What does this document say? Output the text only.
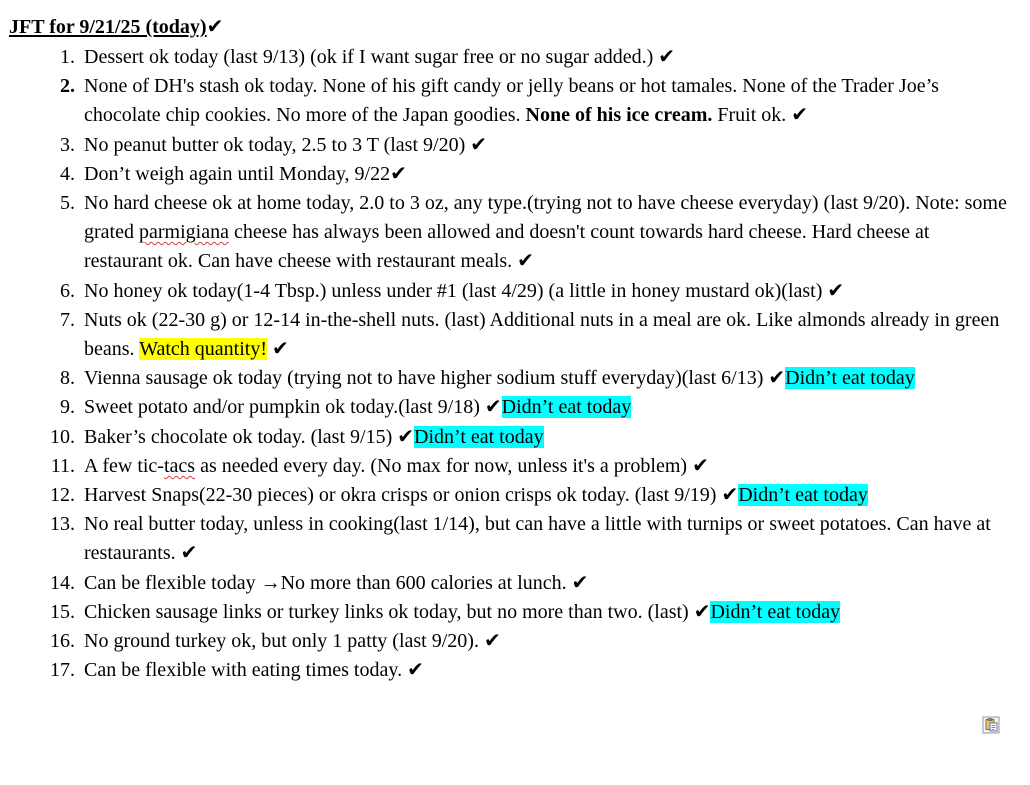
JFT for 9/21/25 (today)✔
1. Dessert ok today (last 9/13) (ok if I want sugar free or no sugar added.) ✔
2. None of DH's stash ok today. None of his gift candy or jelly beans or hot tamales. None of the Trader Joe’s chocolate chip cookies. No more of the Japan goodies. None of his ice cream. Fruit ok. ✔
3. No peanut butter ok today, 2.5 to 3 T (last 9/20) ✔
4. Don’t weigh again until Monday, 9/22✔
5. No hard cheese ok at home today, 2.0 to 3 oz, any type.(trying not to have cheese everyday) (last 9/20). Note: some grated parmigiana cheese has always been allowed and doesn't count towards hard cheese. Hard cheese at restaurant ok. Can have cheese with restaurant meals. ✔
6. No honey ok today(1-4 Tbsp.) unless under #1 (last 4/29) (a little in honey mustard ok)(last) ✔
7. Nuts ok (22-30 g) or 12-14 in-the-shell nuts. (last) Additional nuts in a meal are ok. Like almonds already in green beans. Watch quantity! ✔
8. Vienna sausage ok today (trying not to have higher sodium stuff everyday)(last 6/13) ✔Didn’t eat today
9. Sweet potato and/or pumpkin ok today.(last 9/18) ✔Didn’t eat today
10. Baker’s chocolate ok today. (last 9/15) ✔Didn’t eat today
11. A few tic-tacs as needed every day. (No max for now, unless it's a problem) ✔
12. Harvest Snaps(22-30 pieces) or okra crisps or onion crisps ok today. (last 9/19) ✔Didn’t eat today
13. No real butter today, unless in cooking(last 1/14), but can have a little with turnips or sweet potatoes. Can have at restaurants. ✔
14. Can be flexible today →No more than 600 calories at lunch. ✔
15. Chicken sausage links or turkey links ok today, but no more than two. (last) ✔Didn’t eat today
16. No ground turkey ok, but only 1 patty (last 9/20). ✔
17. Can be flexible with eating times today. ✔
